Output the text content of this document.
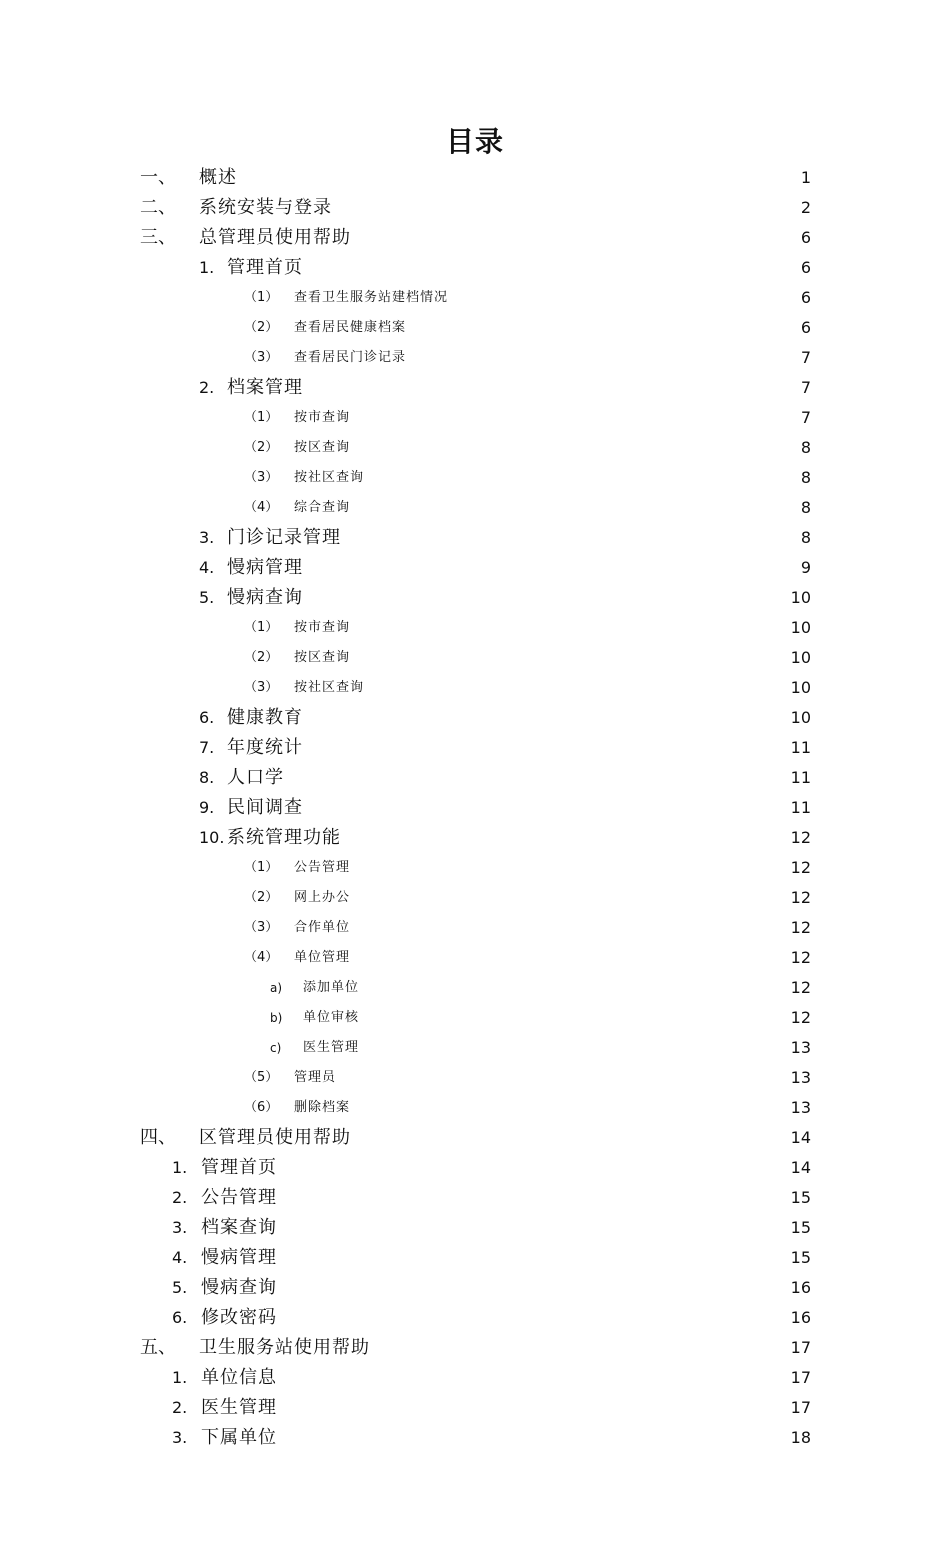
目录
一、 概述	1
二、 系统安装与登录	2
三、 总管理员使用帮助	6
1. 管理首页	6
（1） 查看卫生服务站建档情况	6
（2） 查看居民健康档案	6
（3） 查看居民门诊记录	7
2. 档案管理	7
（1） 按市查询	7
（2） 按区查询	8
（3） 按社区查询	8
（4） 综合查询	8
3. 门诊记录管理	8
4. 慢病管理	9
5. 慢病查询	10
（1） 按市查询	10
（2） 按区查询	10
（3） 按社区查询	10
6. 健康教育	10
7. 年度统计	11
8. 人口学	11
9. 民间调查	11
10. 系统管理功能	12
（1） 公告管理	12
（2） 网上办公	12
（3） 合作单位	12
（4） 单位管理	12
a) 添加单位	12
b) 单位审核	12
c) 医生管理	13
（5） 管理员	13
（6） 删除档案	13
四、 区管理员使用帮助	14
1. 管理首页	14
2. 公告管理	15
3. 档案查询	15
4. 慢病管理	15
5. 慢病查询	16
6. 修改密码	16
五、 卫生服务站使用帮助	17
1. 单位信息	17
2. 医生管理	17
3. 下属单位	18
